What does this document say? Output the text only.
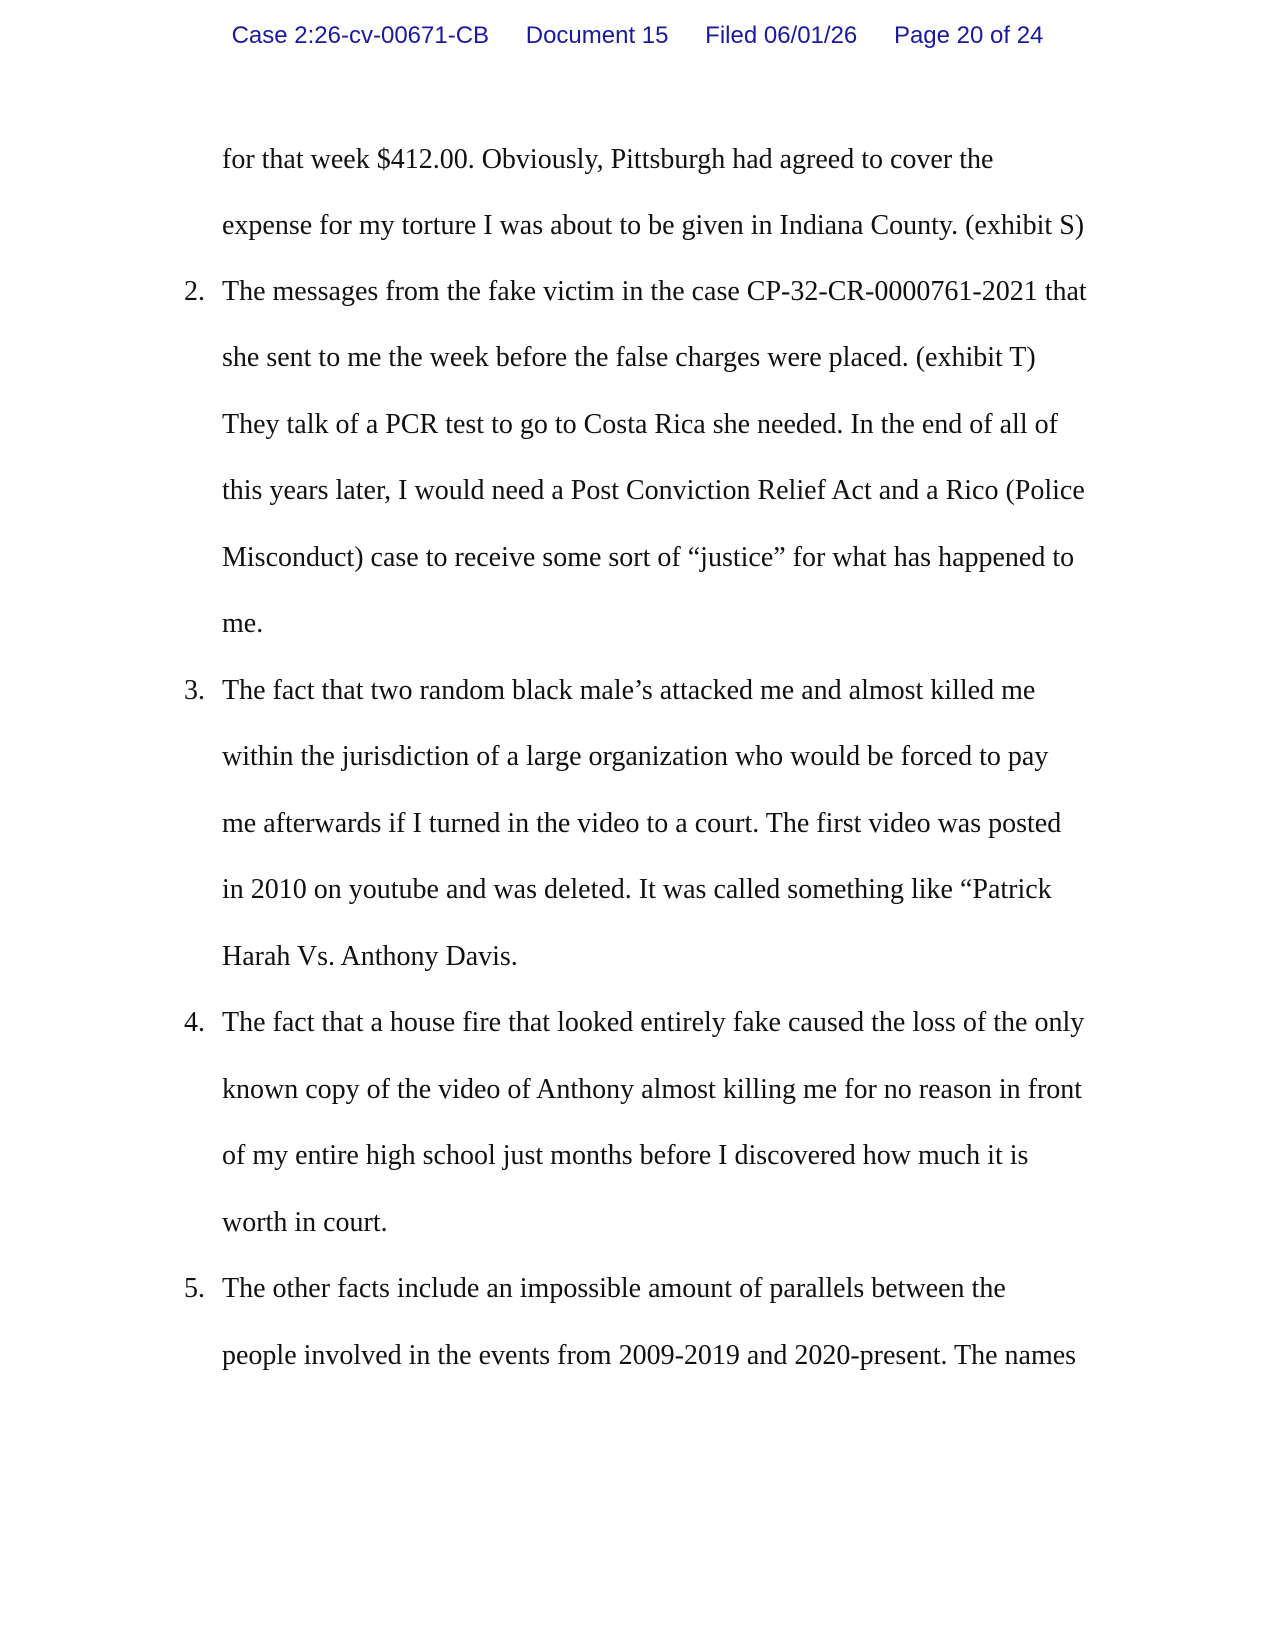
Case 2:26-cv-00671-CB Document 15 Filed 06/01/26 Page 20 of 24
for that week $412.00. Obviously, Pittsburgh had agreed to cover the
expense for my torture I was about to be given in Indiana County. (exhibit S)
2. The messages from the fake victim in the case CP-32-CR-0000761-2021 that
she sent to me the week before the false charges were placed. (exhibit T)
They talk of a PCR test to go to Costa Rica she needed. In the end of all of
this years later, I would need a Post Conviction Relief Act and a Rico (Police
Misconduct) case to receive some sort of “justice” for what has happened to
me.
3. The fact that two random black male’s attacked me and almost killed me
within the jurisdiction of a large organization who would be forced to pay
me afterwards if I turned in the video to a court. The first video was posted
in 2010 on youtube and was deleted. It was called something like “Patrick
Harah Vs. Anthony Davis.
4. The fact that a house fire that looked entirely fake caused the loss of the only
known copy of the video of Anthony almost killing me for no reason in front
of my entire high school just months before I discovered how much it is
worth in court.
5. The other facts include an impossible amount of parallels between the
people involved in the events from 2009-2019 and 2020-present. The names
